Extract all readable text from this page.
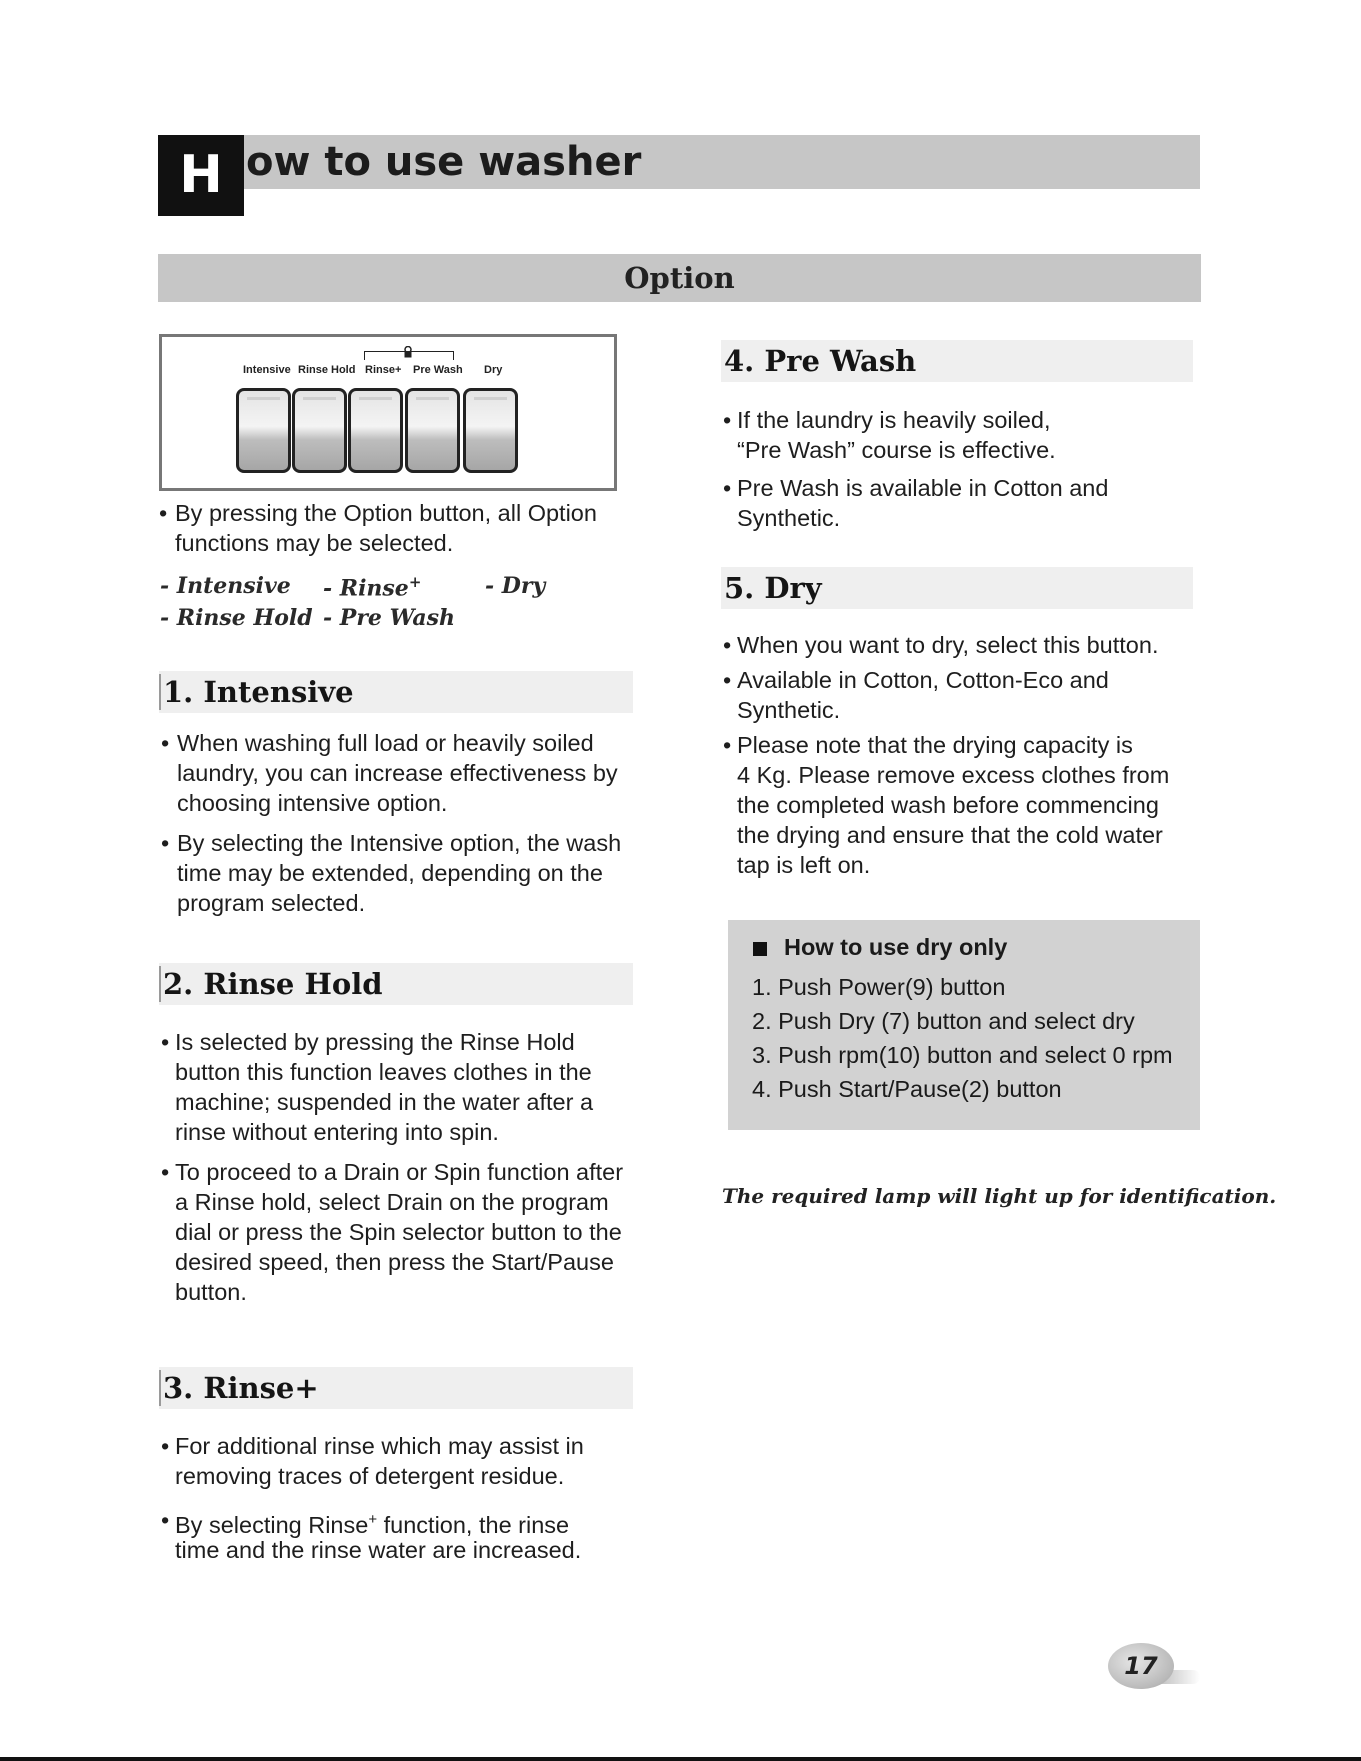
H ow to use washer
Option
Intensive Rinse Hold Rinse+ Pre Wash Dry
• By pressing the Option button, all Option functions may be selected.
- Intensive
- Rinse Hold
- Rinse+
- Pre Wash
- Dry
1. Intensive
• When washing full load or heavily soiled
laundry, you can increase effectiveness by
choosing intensive option.
• By selecting the Intensive option, the wash
time may be extended, depending on the
program selected.
2. Rinse Hold
• Is selected by pressing the Rinse Hold
button this function leaves clothes in the
machine; suspended in the water after a
rinse without entering into spin.
• To proceed to a Drain or Spin function after
a Rinse hold, select Drain on the program
dial or press the Spin selector button to the
desired speed, then press the Start/Pause
button.
3. Rinse+
• For additional rinse which may assist in
removing traces of detergent residue.
• By selecting Rinse+ function, the rinse
time and the rinse water are increased.
4. Pre Wash
• If the laundry is heavily soiled,
“Pre Wash” course is effective.
• Pre Wash is available in Cotton and
Synthetic.
5. Dry
• When you want to dry, select this button.
• Available in Cotton, Cotton-Eco and
Synthetic.
• Please note that the drying capacity is
4 Kg. Please remove excess clothes from
the completed wash before commencing
the drying and ensure that the cold water
tap is left on.
How to use dry only
1. Push Power(9) button
2. Push Dry (7) button and select dry
3. Push rpm(10) button and select 0 rpm
4. Push Start/Pause(2) button
The required lamp will light up for identification.
17
